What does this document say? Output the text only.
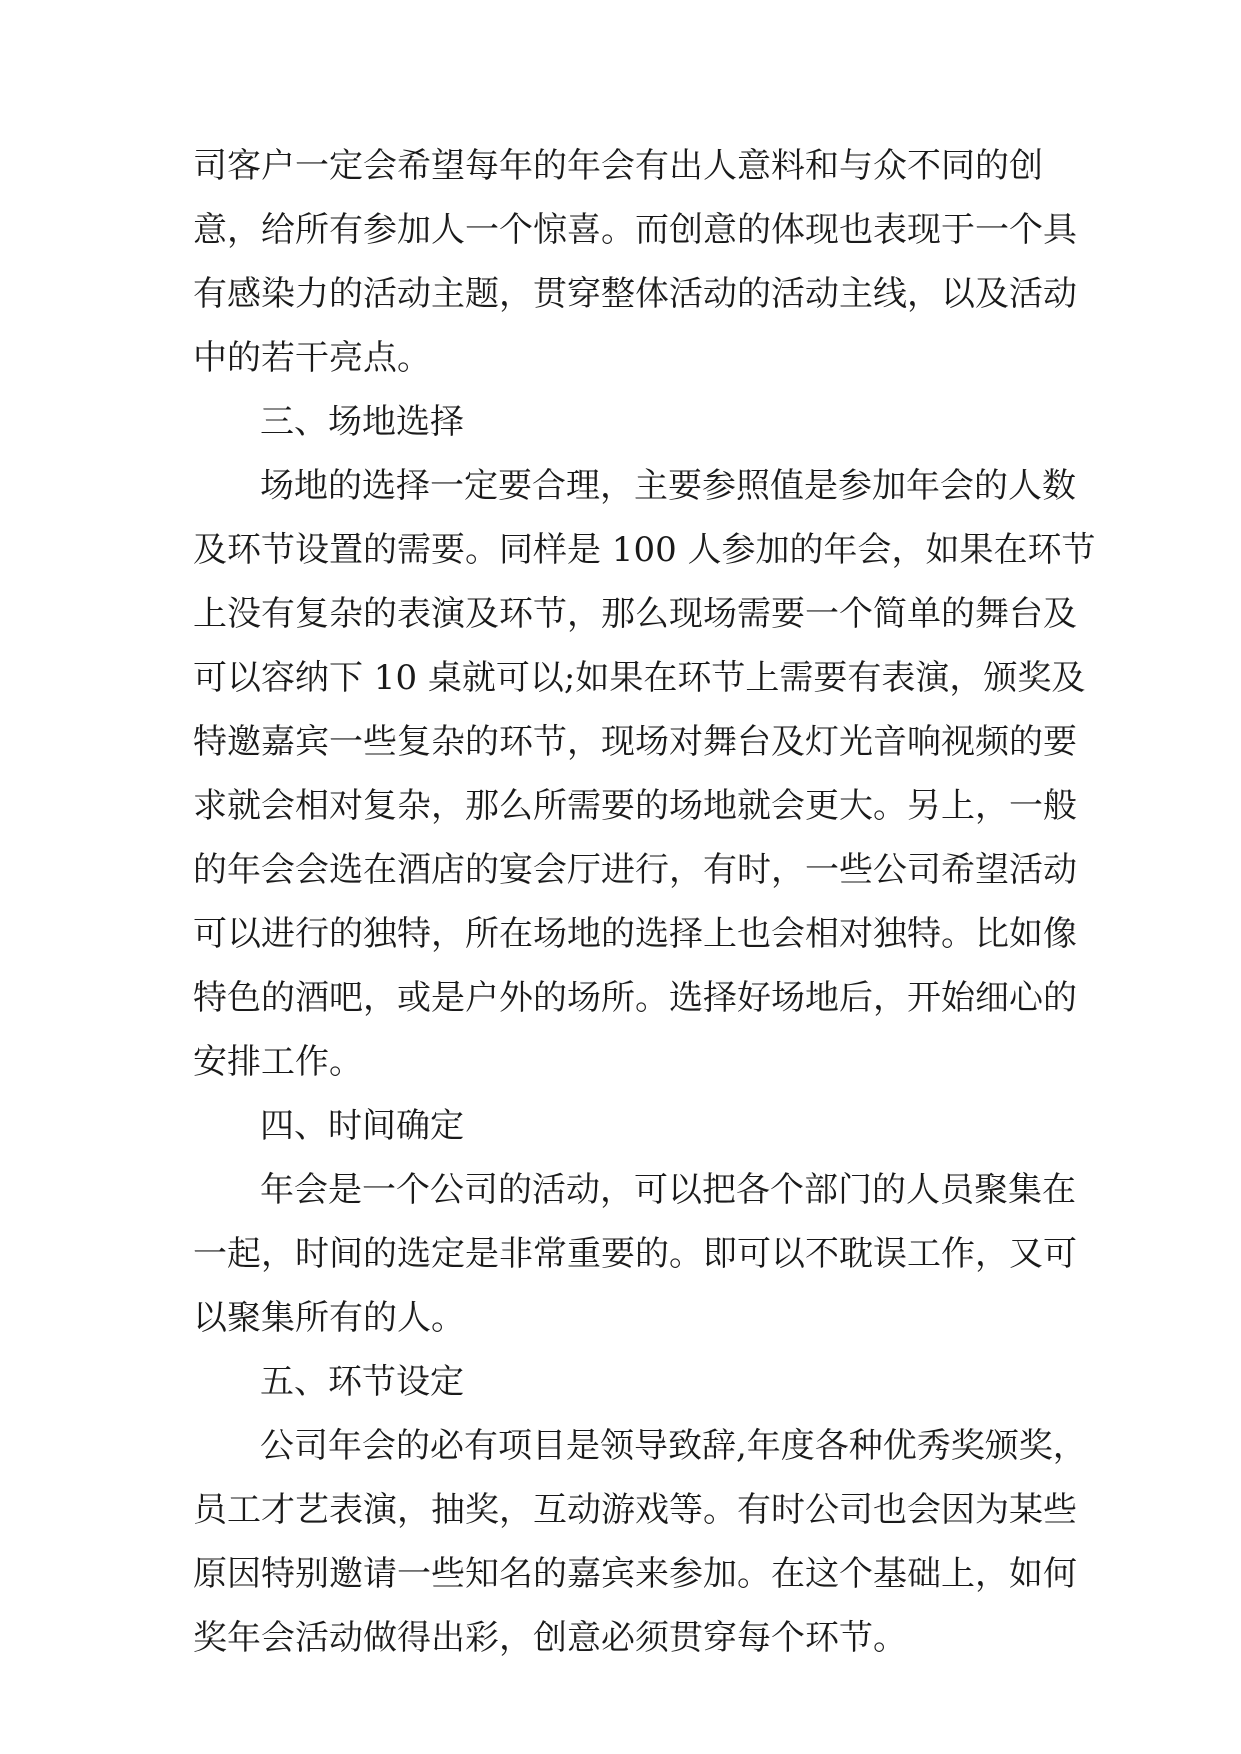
司客户一定会希望每年的年会有出人意料和与众不同的创
意，给所有参加人一个惊喜。而创意的体现也表现于一个具
有感染力的活动主题，贯穿整体活动的活动主线，以及活动
中的若干亮点。
三、场地选择
场地的选择一定要合理，主要参照值是参加年会的人数
及环节设置的需要。同样是 100 人参加的年会，如果在环节
上没有复杂的表演及环节，那么现场需要一个简单的舞台及
可以容纳下 10 桌就可以;如果在环节上需要有表演，颁奖及
特邀嘉宾一些复杂的环节，现场对舞台及灯光音响视频的要
求就会相对复杂，那么所需要的场地就会更大。另上，一般
的年会会选在酒店的宴会厅进行，有时，一些公司希望活动
可以进行的独特，所在场地的选择上也会相对独特。比如像
特色的酒吧，或是户外的场所。选择好场地后，开始细心的
安排工作。
四、时间确定
年会是一个公司的活动，可以把各个部门的人员聚集在
一起，时间的选定是非常重要的。即可以不耽误工作，又可
以聚集所有的人。
五、环节设定
公司年会的必有项目是领导致辞,年度各种优秀奖颁奖，
员工才艺表演，抽奖，互动游戏等。有时公司也会因为某些
原因特别邀请一些知名的嘉宾来参加。在这个基础上，如何
奖年会活动做得出彩，创意必须贯穿每个环节。
